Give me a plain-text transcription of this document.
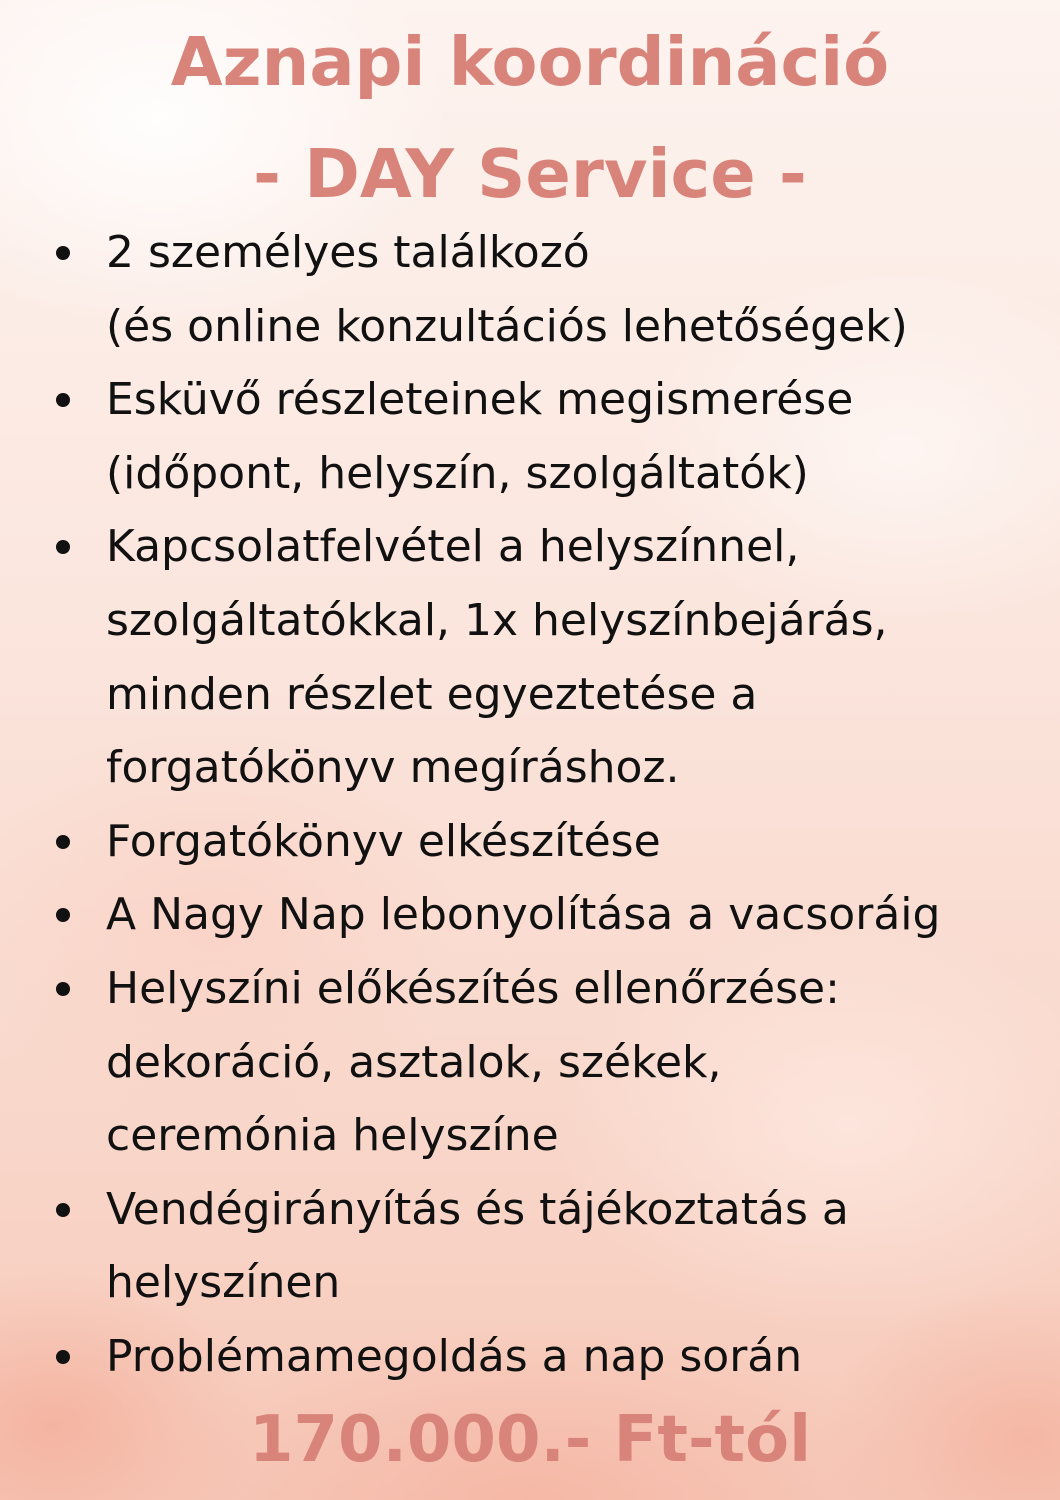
Aznapi koordináció
- DAY Service -
2 személyes találkozó
(és online konzultációs lehetőségek)
Esküvő részleteinek megismerése
(időpont, helyszín, szolgáltatók)
Kapcsolatfelvétel a helyszínnel,
szolgáltatókkal, 1x helyszínbejárás,
minden részlet egyeztetése a
forgatókönyv megíráshoz.
Forgatókönyv elkészítése
A Nagy Nap lebonyolítása a vacsoráig
Helyszíni előkészítés ellenőrzése:
dekoráció, asztalok, székek,
ceremónia helyszíne
Vendégirányítás és tájékoztatás a
helyszínen
Problémamegoldás a nap során

170.000.- Ft-tól
